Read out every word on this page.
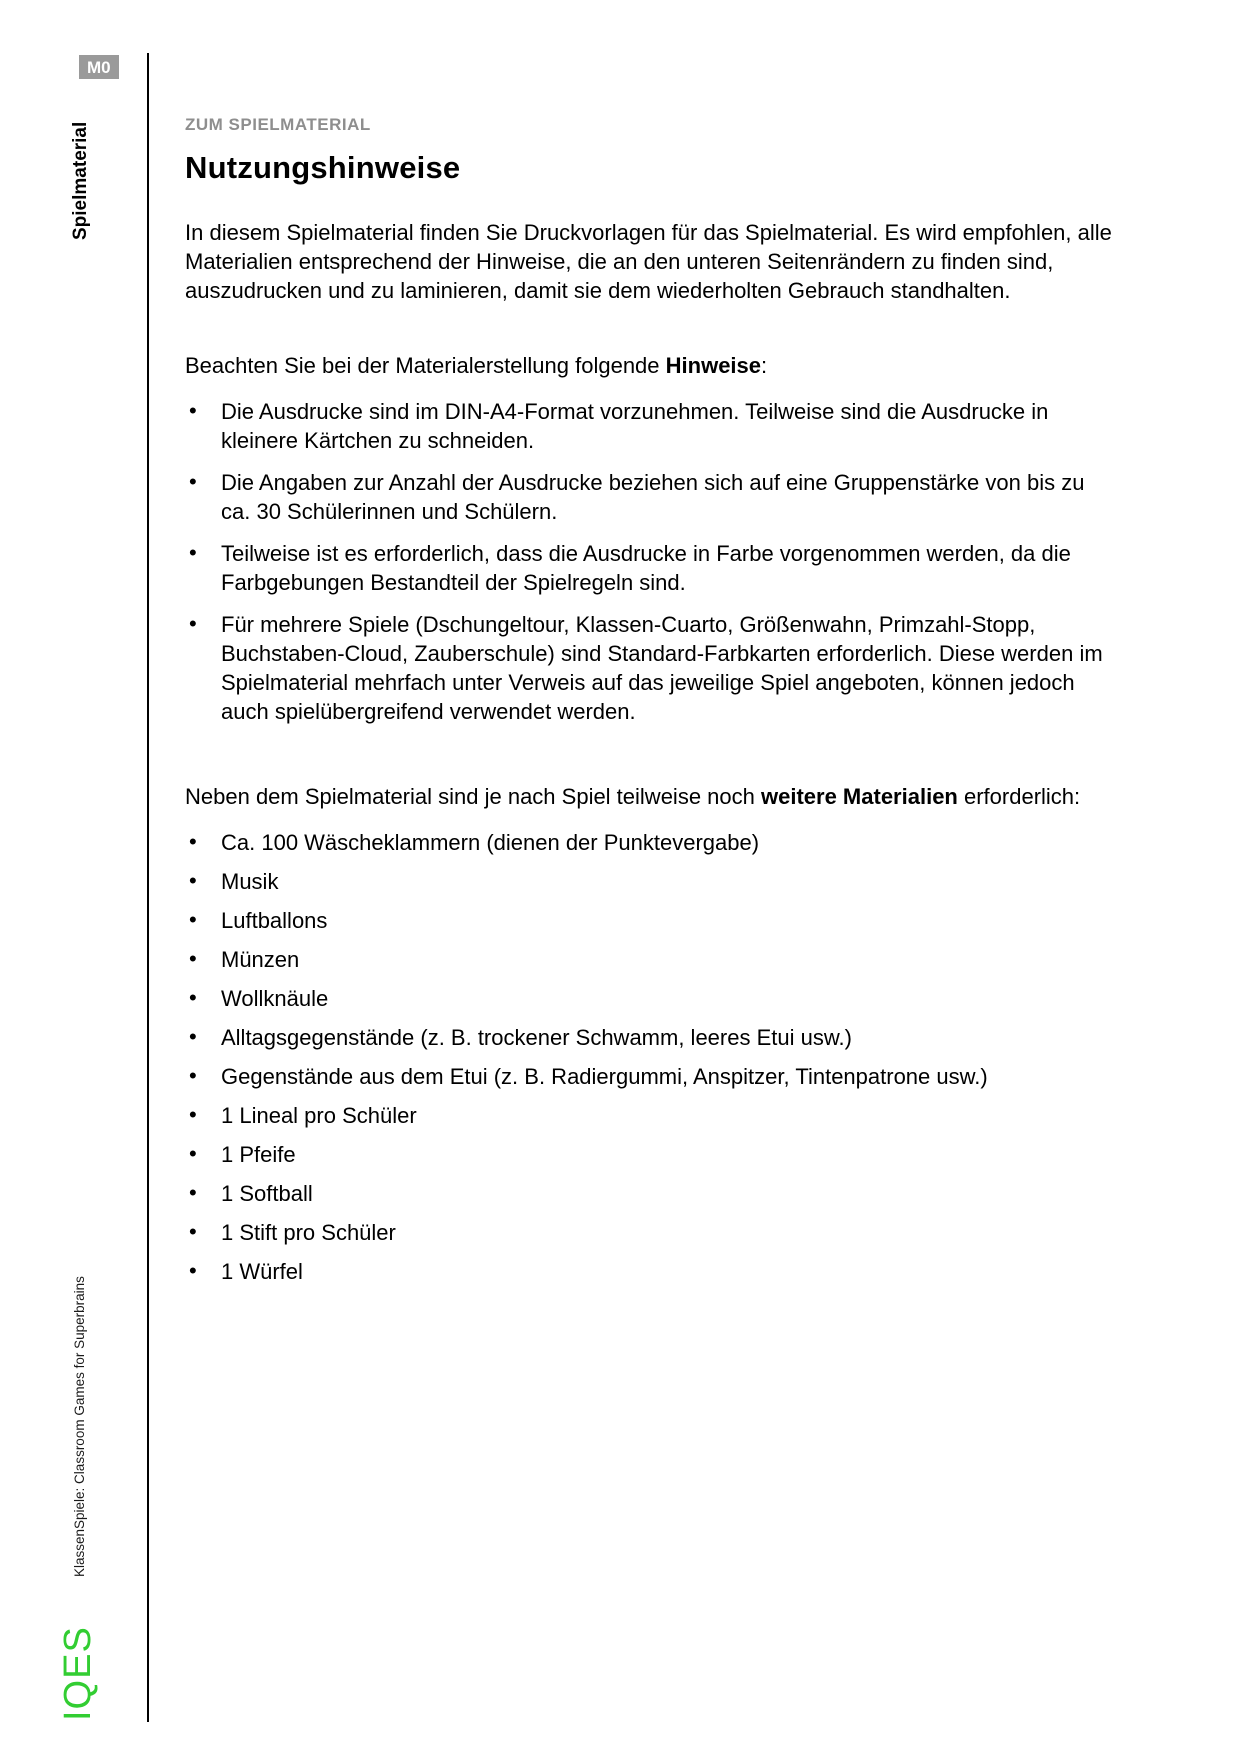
M0
Spielmaterial
KlassenSpiele: Classroom Games for Superbrains
IQES
ZUM SPIELMATERIAL
Nutzungshinweise

In diesem Spielmaterial finden Sie Druckvorlagen für das Spielmaterial. Es wird empfohlen, alle Materialien entsprechend der Hinweise, die an den unteren Seitenrändern zu finden sind, auszudrucken und zu laminieren, damit sie dem wiederholten Gebrauch standhalten.

Beachten Sie bei der Materialerstellung folgende Hinweise:

• Die Ausdrucke sind im DIN-A4-Format vorzunehmen. Teilweise sind die Ausdrucke in kleinere Kärtchen zu schneiden.
• Die Angaben zur Anzahl der Ausdrucke beziehen sich auf eine Gruppenstärke von bis zu ca. 30 Schülerinnen und Schülern.
• Teilweise ist es erforderlich, dass die Ausdrucke in Farbe vorgenommen werden, da die Farbgebungen Bestandteil der Spielregeln sind.
• Für mehrere Spiele (Dschungeltour, Klassen-Cuarto, Größenwahn, Primzahl-Stopp, Buchstaben-Cloud, Zauberschule) sind Standard-Farbkarten erforderlich. Diese werden im Spielmaterial mehrfach unter Verweis auf das jeweilige Spiel angeboten, können jedoch auch spielübergreifend verwendet werden.

Neben dem Spielmaterial sind je nach Spiel teilweise noch weitere Materialien erforderlich:

• Ca. 100 Wäscheklammern (dienen der Punktevergabe)
• Musik
• Luftballons
• Münzen
• Wollknäule
• Alltagsgegenstände (z. B. trockener Schwamm, leeres Etui usw.)
• Gegenstände aus dem Etui (z. B. Radiergummi, Anspitzer, Tintenpatrone usw.)
• 1 Lineal pro Schüler
• 1 Pfeife
• 1 Softball
• 1 Stift pro Schüler
• 1 Würfel
